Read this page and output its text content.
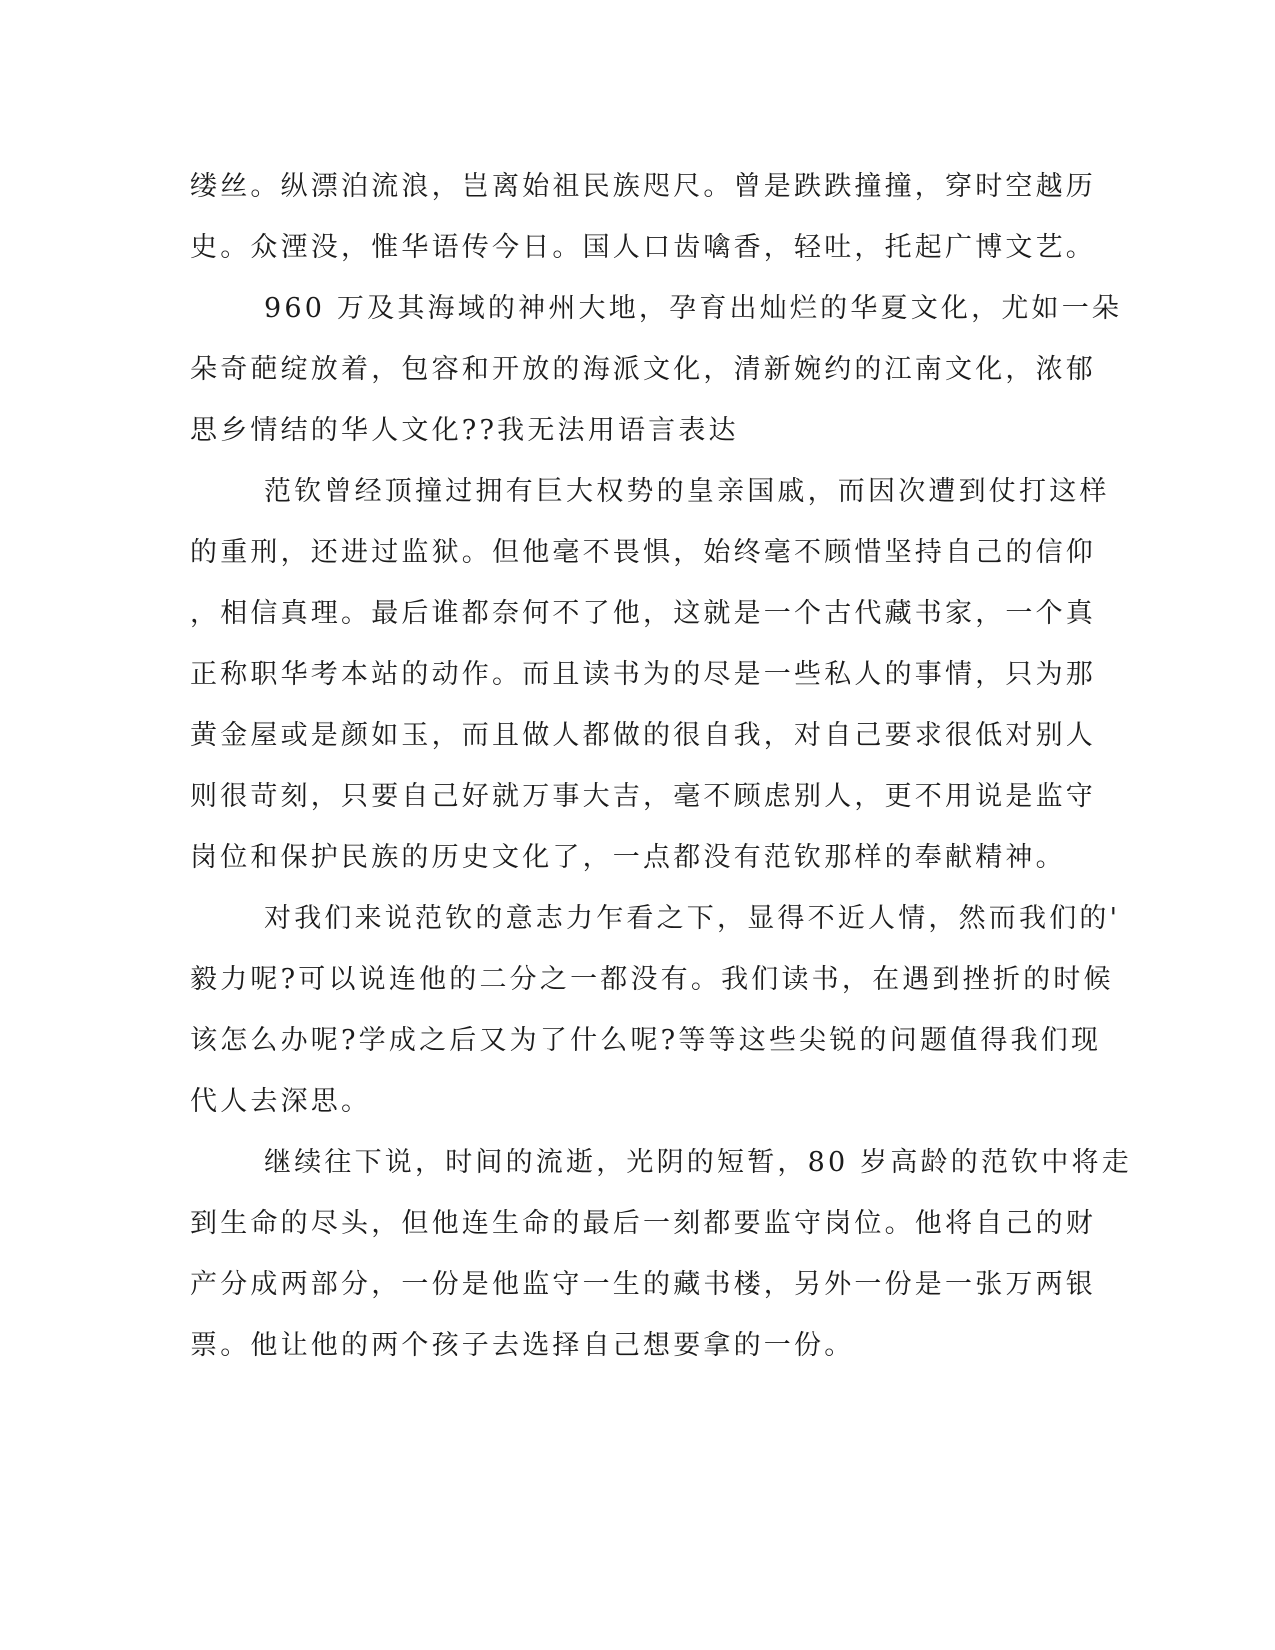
缕丝。纵漂泊流浪，岂离始祖民族咫尺。曾是跌跌撞撞，穿时空越历
史。众湮没，惟华语传今日。国人口齿噙香，轻吐，托起广博文艺。
960 万及其海域的神州大地，孕育出灿烂的华夏文化，尤如一朵
朵奇葩绽放着，包容和开放的海派文化，清新婉约的江南文化，浓郁
思乡情结的华人文化??我无法用语言表达
范钦曾经顶撞过拥有巨大权势的皇亲国戚，而因次遭到仗打这样
的重刑，还进过监狱。但他毫不畏惧，始终毫不顾惜坚持自己的信仰
，相信真理。最后谁都奈何不了他，这就是一个古代藏书家，一个真
正称职华考本站的动作。而且读书为的尽是一些私人的事情，只为那
黄金屋或是颜如玉，而且做人都做的很自我，对自己要求很低对别人
则很苛刻，只要自己好就万事大吉，毫不顾虑别人，更不用说是监守
岗位和保护民族的历史文化了，一点都没有范钦那样的奉献精神。
对我们来说范钦的意志力乍看之下，显得不近人情，然而我们的'
毅力呢?可以说连他的二分之一都没有。我们读书，在遇到挫折的时候
该怎么办呢?学成之后又为了什么呢?等等这些尖锐的问题值得我们现
代人去深思。
继续往下说，时间的流逝，光阴的短暂，80 岁高龄的范钦中将走
到生命的尽头，但他连生命的最后一刻都要监守岗位。他将自己的财
产分成两部分，一份是他监守一生的藏书楼，另外一份是一张万两银
票。他让他的两个孩子去选择自己想要拿的一份。
